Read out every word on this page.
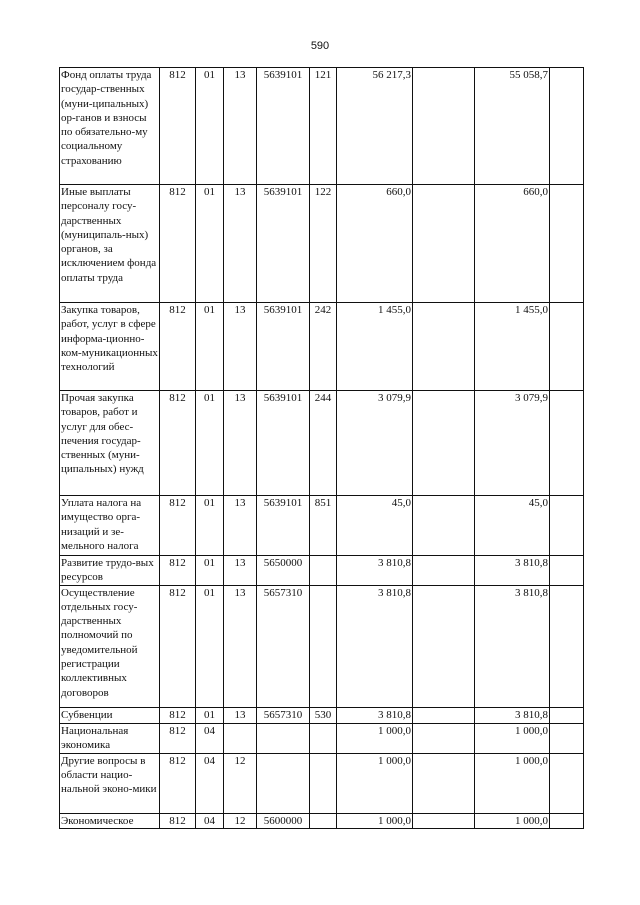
590
Фонд оплаты труда государ-ственных (муни-ципальных) ор-ганов и взносы по обязательно-му социальному страхованию	812	01	13	5639101	121	56 217,3		55 058,7	
Иные выплаты персоналу госу-дарственных (муниципаль-ных) органов, за исключением фонда оплаты труда	812	01	13	5639101	122	660,0		660,0	
Закупка товаров, работ, услуг в сфере информа-ционно-ком-муникационных технологий	812	01	13	5639101	242	1 455,0		1 455,0	
Прочая закупка товаров, работ и услуг для обес-печения государ-ственных (муни-ципальных) нужд	812	01	13	5639101	244	3 079,9		3 079,9	
Уплата налога на имущество орга-низаций и зе-мельного налога	812	01	13	5639101	851	45,0		45,0	
Развитие трудо-вых ресурсов	812	01	13	5650000		3 810,8		3 810,8	
Осуществление отдельных госу-дарственных полномочий по уведомительной регистрации коллективных договоров	812	01	13	5657310		3 810,8		3 810,8	
Субвенции	812	01	13	5657310	530	3 810,8		3 810,8	
Национальная экономика	812	04				1 000,0		1 000,0	
Другие вопросы в области нацио-нальной эконо-мики	812	04	12			1 000,0		1 000,0	
Экономическое	812	04	12	5600000		1 000,0		1 000,0	
